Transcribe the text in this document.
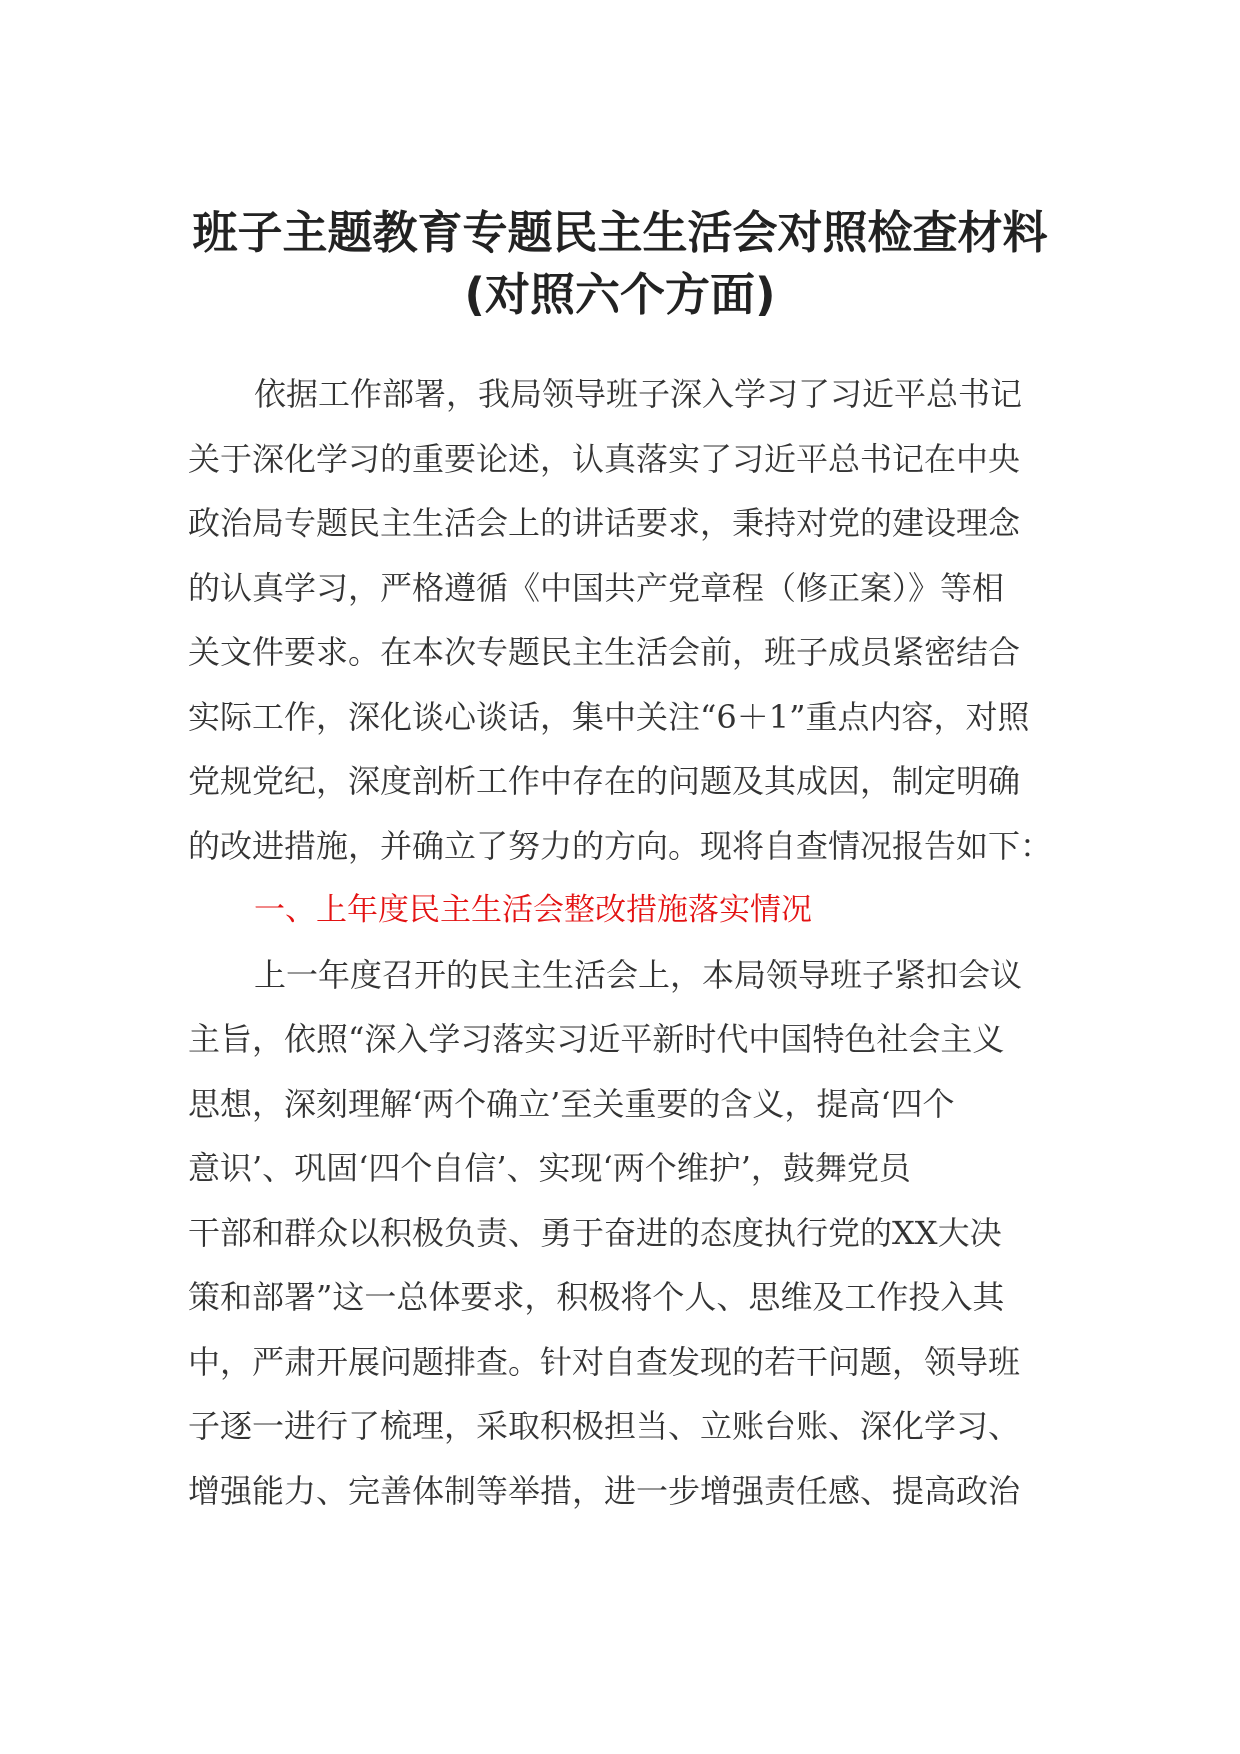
班子主题教育专题民主生活会对照检查材料
(对照六个方面)
依据工作部署，我局领导班子深入学习了习近平总书记
关于深化学习的重要论述，认真落实了习近平总书记在中央
政治局专题民主生活会上的讲话要求，秉持对党的建设理念
的认真学习，严格遵循《中国共产党章程（修正案）》等相
关文件要求。在本次专题民主生活会前，班子成员紧密结合
实际工作，深化谈心谈话，集中关注“6＋1”重点内容，对照
党规党纪，深度剖析工作中存在的问题及其成因，制定明确
的改进措施，并确立了努力的方向。现将自查情况报告如下：
一、上年度民主生活会整改措施落实情况
上一年度召开的民主生活会上，本局领导班子紧扣会议
主旨，依照“深入学习落实习近平新时代中国特色社会主义
思想，深刻理解‘两个确立’至关重要的含义，提高‘四个
意识’、巩固‘四个自信’、实现‘两个维护’，鼓舞党员
干部和群众以积极负责、勇于奋进的态度执行党的XX大决
策和部署”这一总体要求，积极将个人、思维及工作投入其
中，严肃开展问题排查。针对自查发现的若干问题，领导班
子逐一进行了梳理，采取积极担当、立账台账、深化学习、
增强能力、完善体制等举措，进一步增强责任感、提高政治
